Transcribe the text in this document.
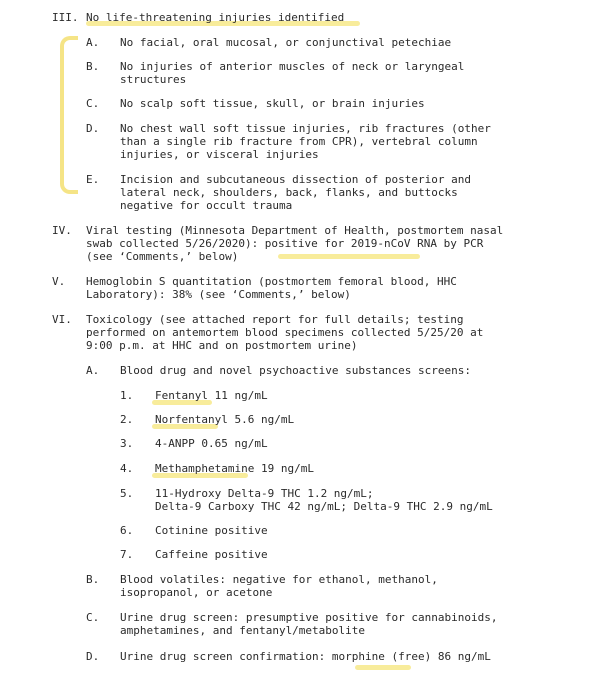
III. No life-threatening injuries identified
A. No facial, oral mucosal, or conjunctival petechiae
B. No injuries of anterior muscles of neck or laryngeal
structures
C. No scalp soft tissue, skull, or brain injuries
D. No chest wall soft tissue injuries, rib fractures (other
than a single rib fracture from CPR), vertebral column
injuries, or visceral injuries
E. Incision and subcutaneous dissection of posterior and
lateral neck, shoulders, back, flanks, and buttocks
negative for occult trauma
IV. Viral testing (Minnesota Department of Health, postmortem nasal
swab collected 5/26/2020): positive for 2019-nCoV RNA by PCR
(see ‘Comments,’ below)
V. Hemoglobin S quantitation (postmortem femoral blood, HHC
Laboratory): 38% (see ‘Comments,’ below)
VI. Toxicology (see attached report for full details; testing
performed on antemortem blood specimens collected 5/25/20 at
9:00 p.m. at HHC and on postmortem urine)
A. Blood drug and novel psychoactive substances screens:
1. Fentanyl 11 ng/mL
2. Norfentanyl 5.6 ng/mL
3. 4-ANPP 0.65 ng/mL
4. Methamphetamine 19 ng/mL
5. 11-Hydroxy Delta-9 THC 1.2 ng/mL;
Delta-9 Carboxy THC 42 ng/mL; Delta-9 THC 2.9 ng/mL
6. Cotinine positive
7. Caffeine positive
B. Blood volatiles: negative for ethanol, methanol,
isopropanol, or acetone
C. Urine drug screen: presumptive positive for cannabinoids,
amphetamines, and fentanyl/metabolite
D. Urine drug screen confirmation: morphine (free) 86 ng/mL
